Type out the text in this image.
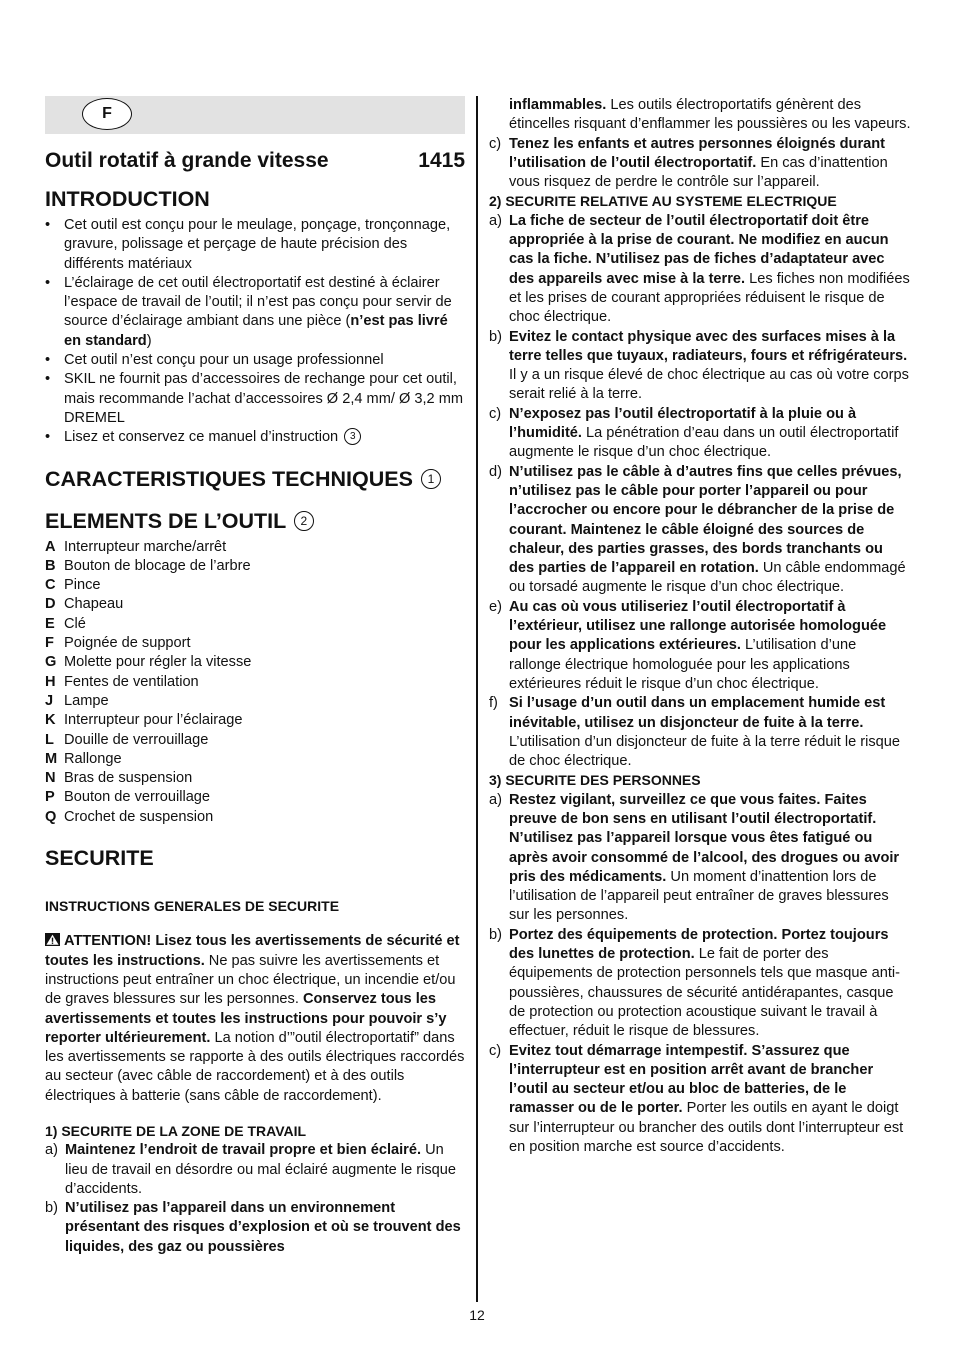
F
Outil rotatif à grande vitesse	1415
INTRODUCTION
• Cet outil est conçu pour le meulage, ponçage, tronçonnage, gravure, polissage et perçage de haute précision des différents matériaux
• L’éclairage de cet outil électroportatif est destiné à éclairer l’espace de travail de l’outil; il n’est pas conçu pour servir de source d’éclairage ambiant dans une pièce (n’est pas livré en standard)
• Cet outil n’est conçu pour un usage professionnel
• SKIL ne fournit pas d’accessoires de rechange pour cet outil, mais recommande l’achat d’accessoires Ø 2,4 mm/ Ø 3,2 mm DREMEL
• Lisez et conservez ce manuel d’instruction 3
CARACTERISTIQUES TECHNIQUES 1
ELEMENTS DE L’OUTIL 2
A Interrupteur marche/arrêt
B Bouton de blocage de l’arbre
C Pince
D Chapeau
E Clé
F Poignée de support
G Molette pour régler la vitesse
H Fentes de ventilation
J Lampe
K Interrupteur pour l’éclairage
L Douille de verrouillage
M Rallonge
N Bras de suspension
P Bouton de verrouillage
Q Crochet de suspension
SECURITE
INSTRUCTIONS GENERALES DE SECURITE
ATTENTION! Lisez tous les avertissements de sécurité et toutes les instructions. Ne pas suivre les avertissements et instructions peut entraîner un choc électrique, un incendie et/ou de graves blessures sur les personnes. Conservez tous les avertissements et toutes les instructions pour pouvoir s’y reporter ultérieurement. La notion d’”outil électroportatif” dans les avertissements se rapporte à des outils électriques raccordés au secteur (avec câble de raccordement) et à des outils électriques à batterie (sans câble de raccordement).
1) SECURITE DE LA ZONE DE TRAVAIL
a) Maintenez l’endroit de travail propre et bien éclairé. Un lieu de travail en désordre ou mal éclairé augmente le risque d’accidents.
b) N’utilisez pas l’appareil dans un environnement présentant des risques d’explosion et où se trouvent des liquides, des gaz ou poussières
inflammables. Les outils électroportatifs génèrent des étincelles risquant d’enflammer les poussières ou les vapeurs.
c) Tenez les enfants et autres personnes éloignés durant l’utilisation de l’outil électroportatif. En cas d’inattention vous risquez de perdre le contrôle sur l’appareil.
2) SECURITE RELATIVE AU SYSTEME ELECTRIQUE
a) La fiche de secteur de l’outil électroportatif doit être appropriée à la prise de courant. Ne modifiez en aucun cas la fiche. N’utilisez pas de fiches d’adaptateur avec des appareils avec mise à la terre. Les fiches non modifiées et les prises de courant appropriées réduisent le risque de choc électrique.
b) Evitez le contact physique avec des surfaces mises à la terre telles que tuyaux, radiateurs, fours et réfrigérateurs. Il y a un risque élevé de choc électrique au cas où votre corps serait relié à la terre.
c) N’exposez pas l’outil électroportatif à la pluie ou à l’humidité. La pénétration d’eau dans un outil électroportatif augmente le risque d’un choc électrique.
d) N’utilisez pas le câble à d’autres fins que celles prévues, n’utilisez pas le câble pour porter l’appareil ou pour l’accrocher ou encore pour le débrancher de la prise de courant. Maintenez le câble éloigné des sources de chaleur, des parties grasses, des bords tranchants ou des parties de l’appareil en rotation. Un câble endommagé ou torsadé augmente le risque d’un choc électrique.
e) Au cas où vous utiliseriez l’outil électroportatif à l’extérieur, utilisez une rallonge autorisée homologuée pour les applications extérieures. L’utilisation d’une rallonge électrique homologuée pour les applications extérieures réduit le risque d’un choc électrique.
f) Si l’usage d’un outil dans un emplacement humide est inévitable, utilisez un disjoncteur de fuite à la terre. L’utilisation d’un disjoncteur de fuite à la terre réduit le risque de choc électrique.
3) SECURITE DES PERSONNES
a) Restez vigilant, surveillez ce que vous faites. Faites preuve de bon sens en utilisant l’outil électroportatif. N’utilisez pas l’appareil lorsque vous êtes fatigué ou après avoir consommé de l’alcool, des drogues ou avoir pris des médicaments. Un moment d’inattention lors de l’utilisation de l’appareil peut entraîner de graves blessures sur les personnes.
b) Portez des équipements de protection. Portez toujours des lunettes de protection. Le fait de porter des équipements de protection personnels tels que masque anti-poussières, chaussures de sécurité antidérapantes, casque de protection ou protection acoustique suivant le travail à effectuer, réduit le risque de blessures.
c) Evitez tout démarrage intempestif. S’assurez que l’interrupteur est en position arrêt avant de brancher l’outil au secteur et/ou au bloc de batteries, de le ramasser ou de le porter. Porter les outils en ayant le doigt sur l’interrupteur ou brancher des outils dont l’interrupteur est en position marche est source d’accidents.
12
